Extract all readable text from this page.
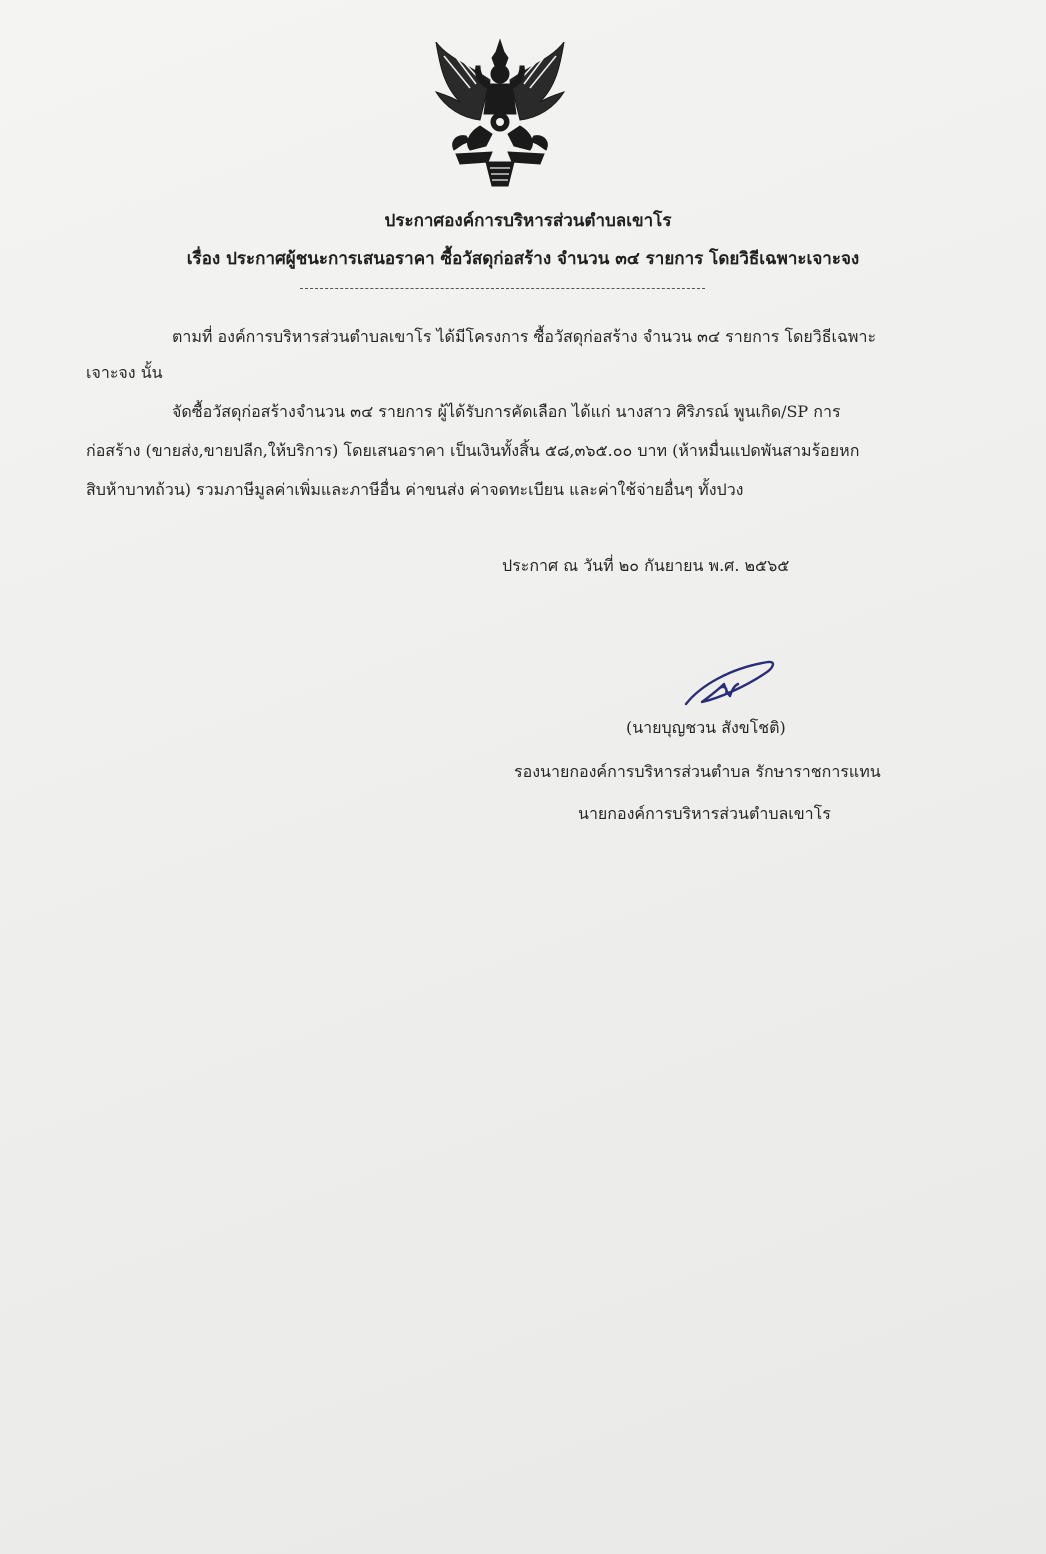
ประกาศองค์การบริหารส่วนตำบลเขาโร
เรื่อง ประกาศผู้ชนะการเสนอราคา ซื้อวัสดุก่อสร้าง จำนวน ๓๔ รายการ โดยวิธีเฉพาะเจาะจง
ตามที่ องค์การบริหารส่วนตำบลเขาโร ได้มีโครงการ ซื้อวัสดุก่อสร้าง จำนวน ๓๔ รายการ โดยวิธีเฉพาะ
เจาะจง นั้น
จัดซื้อวัสดุก่อสร้างจำนวน ๓๔ รายการ ผู้ได้รับการคัดเลือก ได้แก่ นางสาว ศิริภรณ์ พูนเกิด/SP การ
ก่อสร้าง (ขายส่ง,ขายปลีก,ให้บริการ) โดยเสนอราคา เป็นเงินทั้งสิ้น ๕๘,๓๖๕.๐๐ บาท (ห้าหมื่นแปดพันสามร้อยหก
สิบห้าบาทถ้วน) รวมภาษีมูลค่าเพิ่มและภาษีอื่น ค่าขนส่ง ค่าจดทะเบียน และค่าใช้จ่ายอื่นๆ ทั้งปวง
ประกาศ ณ วันที่ ๒๐ กันยายน พ.ศ. ๒๕๖๕
(นายบุญชวน สังขโชติ)
รองนายกองค์การบริหารส่วนตำบล รักษาราชการแทน
นายกองค์การบริหารส่วนตำบลเขาโร
